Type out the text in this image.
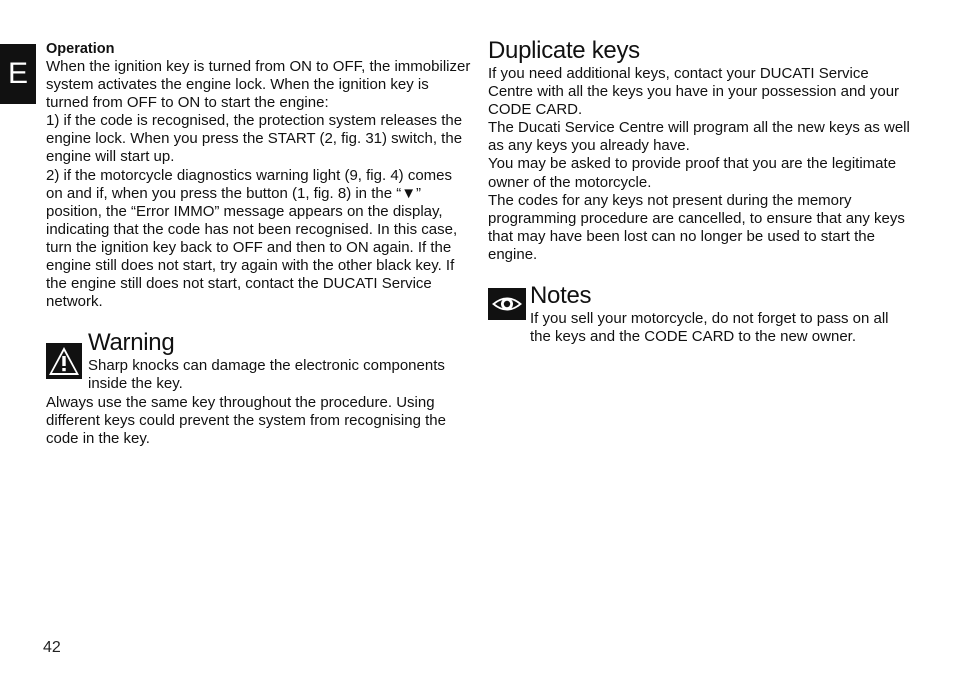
E
Operation

When the ignition key is turned from ON to OFF, the immobilizer system activates the engine lock. When the ignition key is turned from OFF to ON to start the engine:

1) if the code is recognised, the protection system releases the engine lock. When you press the START (2, fig. 31) switch, the engine will start up.

2) if the motorcycle diagnostics warning light (9, fig. 4) comes on and if, when you press the button (1, fig. 8) in the “▼” position, the “Error IMMO” message appears on the display, indicating that the code has not been recognised. In this case, turn the ignition key back to OFF and then to ON again. If the engine still does not start, try again with the other black key. If the engine still does not start, contact the DUCATI Service network.

Warning

Sharp knocks can damage the electronic components inside the key.

Always use the same key throughout the procedure. Using different keys could prevent the system from recognising the code in the key.

Duplicate keys

If you need additional keys, contact your DUCATI Service Centre with all the keys you have in your possession and your CODE CARD.

The Ducati Service Centre will program all the new keys as well as any keys you already have.

You may be asked to provide proof that you are the legitimate owner of the motorcycle.

The codes for any keys not present during the memory programming procedure are cancelled, to ensure that any keys that may have been lost can no longer be used to start the engine.

Notes

If you sell your motorcycle, do not forget to pass on all the keys and the CODE CARD to the new owner.

42
